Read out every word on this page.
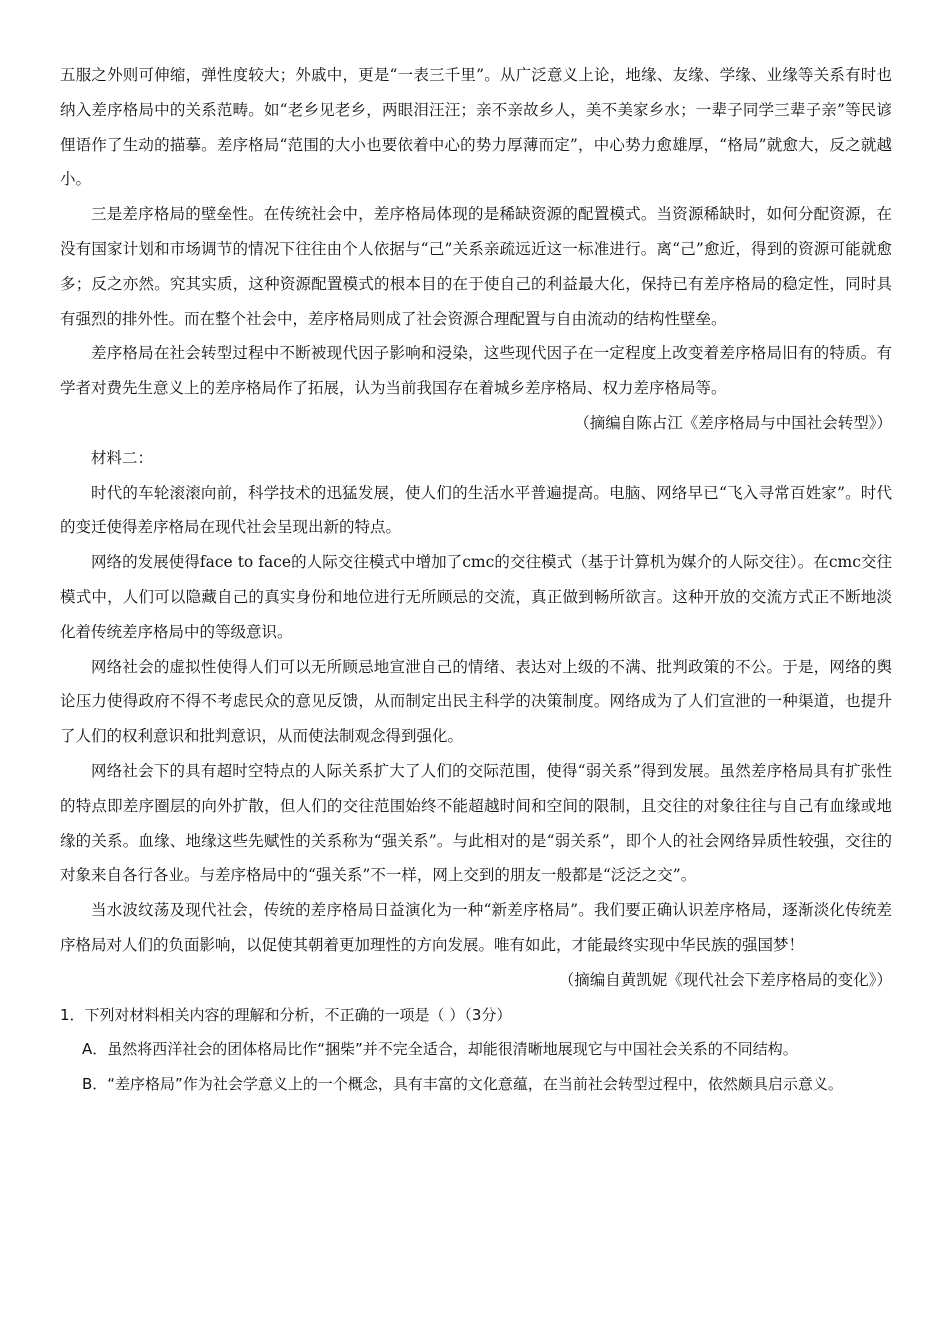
五服之外则可伸缩，弹性度较大；外戚中，更是“一表三千里”。从广泛意义上论，地缘、友缘、学缘、业缘等关系有时也纳入差序格局中的关系范畴。如“老乡见老乡，两眼泪汪汪；亲不亲故乡人，美不美家乡水；一辈子同学三辈子亲”等民谚俚语作了生动的描摹。差序格局“范围的大小也要依着中心的势力厚薄而定”，中心势力愈雄厚，“格局”就愈大，反之就越小。

三是差序格局的壁垒性。在传统社会中，差序格局体现的是稀缺资源的配置模式。当资源稀缺时，如何分配资源，在没有国家计划和市场调节的情况下往往由个人依据与“己”关系亲疏远近这一标准进行。离“己”愈近，得到的资源可能就愈多；反之亦然。究其实质，这种资源配置模式的根本目的在于使自己的利益最大化，保持已有差序格局的稳定性，同时具有强烈的排外性。而在整个社会中，差序格局则成了社会资源合理配置与自由流动的结构性壁垒。

差序格局在社会转型过程中不断被现代因子影响和浸染，这些现代因子在一定程度上改变着差序格局旧有的特质。有学者对费先生意义上的差序格局作了拓展，认为当前我国存在着城乡差序格局、权力差序格局等。

（摘编自陈占江《差序格局与中国社会转型》）

材料二：

时代的车轮滚滚向前，科学技术的迅猛发展，使人们的生活水平普遍提高。电脑、网络早已“飞入寻常百姓家”。时代的变迁使得差序格局在现代社会呈现出新的特点。

网络的发展使得face to face的人际交往模式中增加了cmc的交往模式（基于计算机为媒介的人际交往）。在cmc交往模式中，人们可以隐藏自己的真实身份和地位进行无所顾忌的交流，真正做到畅所欲言。这种开放的交流方式正不断地淡化着传统差序格局中的等级意识。

网络社会的虚拟性使得人们可以无所顾忌地宣泄自己的情绪、表达对上级的不满、批判政策的不公。于是，网络的舆论压力使得政府不得不考虑民众的意见反馈，从而制定出民主科学的决策制度。网络成为了人们宣泄的一种渠道，也提升了人们的权利意识和批判意识，从而使法制观念得到强化。

网络社会下的具有超时空特点的人际关系扩大了人们的交际范围，使得“弱关系”得到发展。虽然差序格局具有扩张性的特点即差序圈层的向外扩散，但人们的交往范围始终不能超越时间和空间的限制，且交往的对象往往与自己有血缘或地缘的关系。血缘、地缘这些先赋性的关系称为“强关系”。与此相对的是“弱关系”，即个人的社会网络异质性较强，交往的对象来自各行各业。与差序格局中的“强关系”不一样，网上交到的朋友一般都是“泛泛之交”。

当水波纹荡及现代社会，传统的差序格局日益演化为一种“新差序格局”。我们要正确认识差序格局，逐渐淡化传统差序格局对人们的负面影响，以促使其朝着更加理性的方向发展。唯有如此，才能最终实现中华民族的强国梦！

（摘编自黄凯妮《现代社会下差序格局的变化》）

1．下列对材料相关内容的理解和分析，不正确的一项是（ ）（3分）

A．虽然将西洋社会的团体格局比作“捆柴”并不完全适合，却能很清晰地展现它与中国社会关系的不同结构。

B．“差序格局”作为社会学意义上的一个概念，具有丰富的文化意蕴，在当前社会转型过程中，依然颇具启示意义。
